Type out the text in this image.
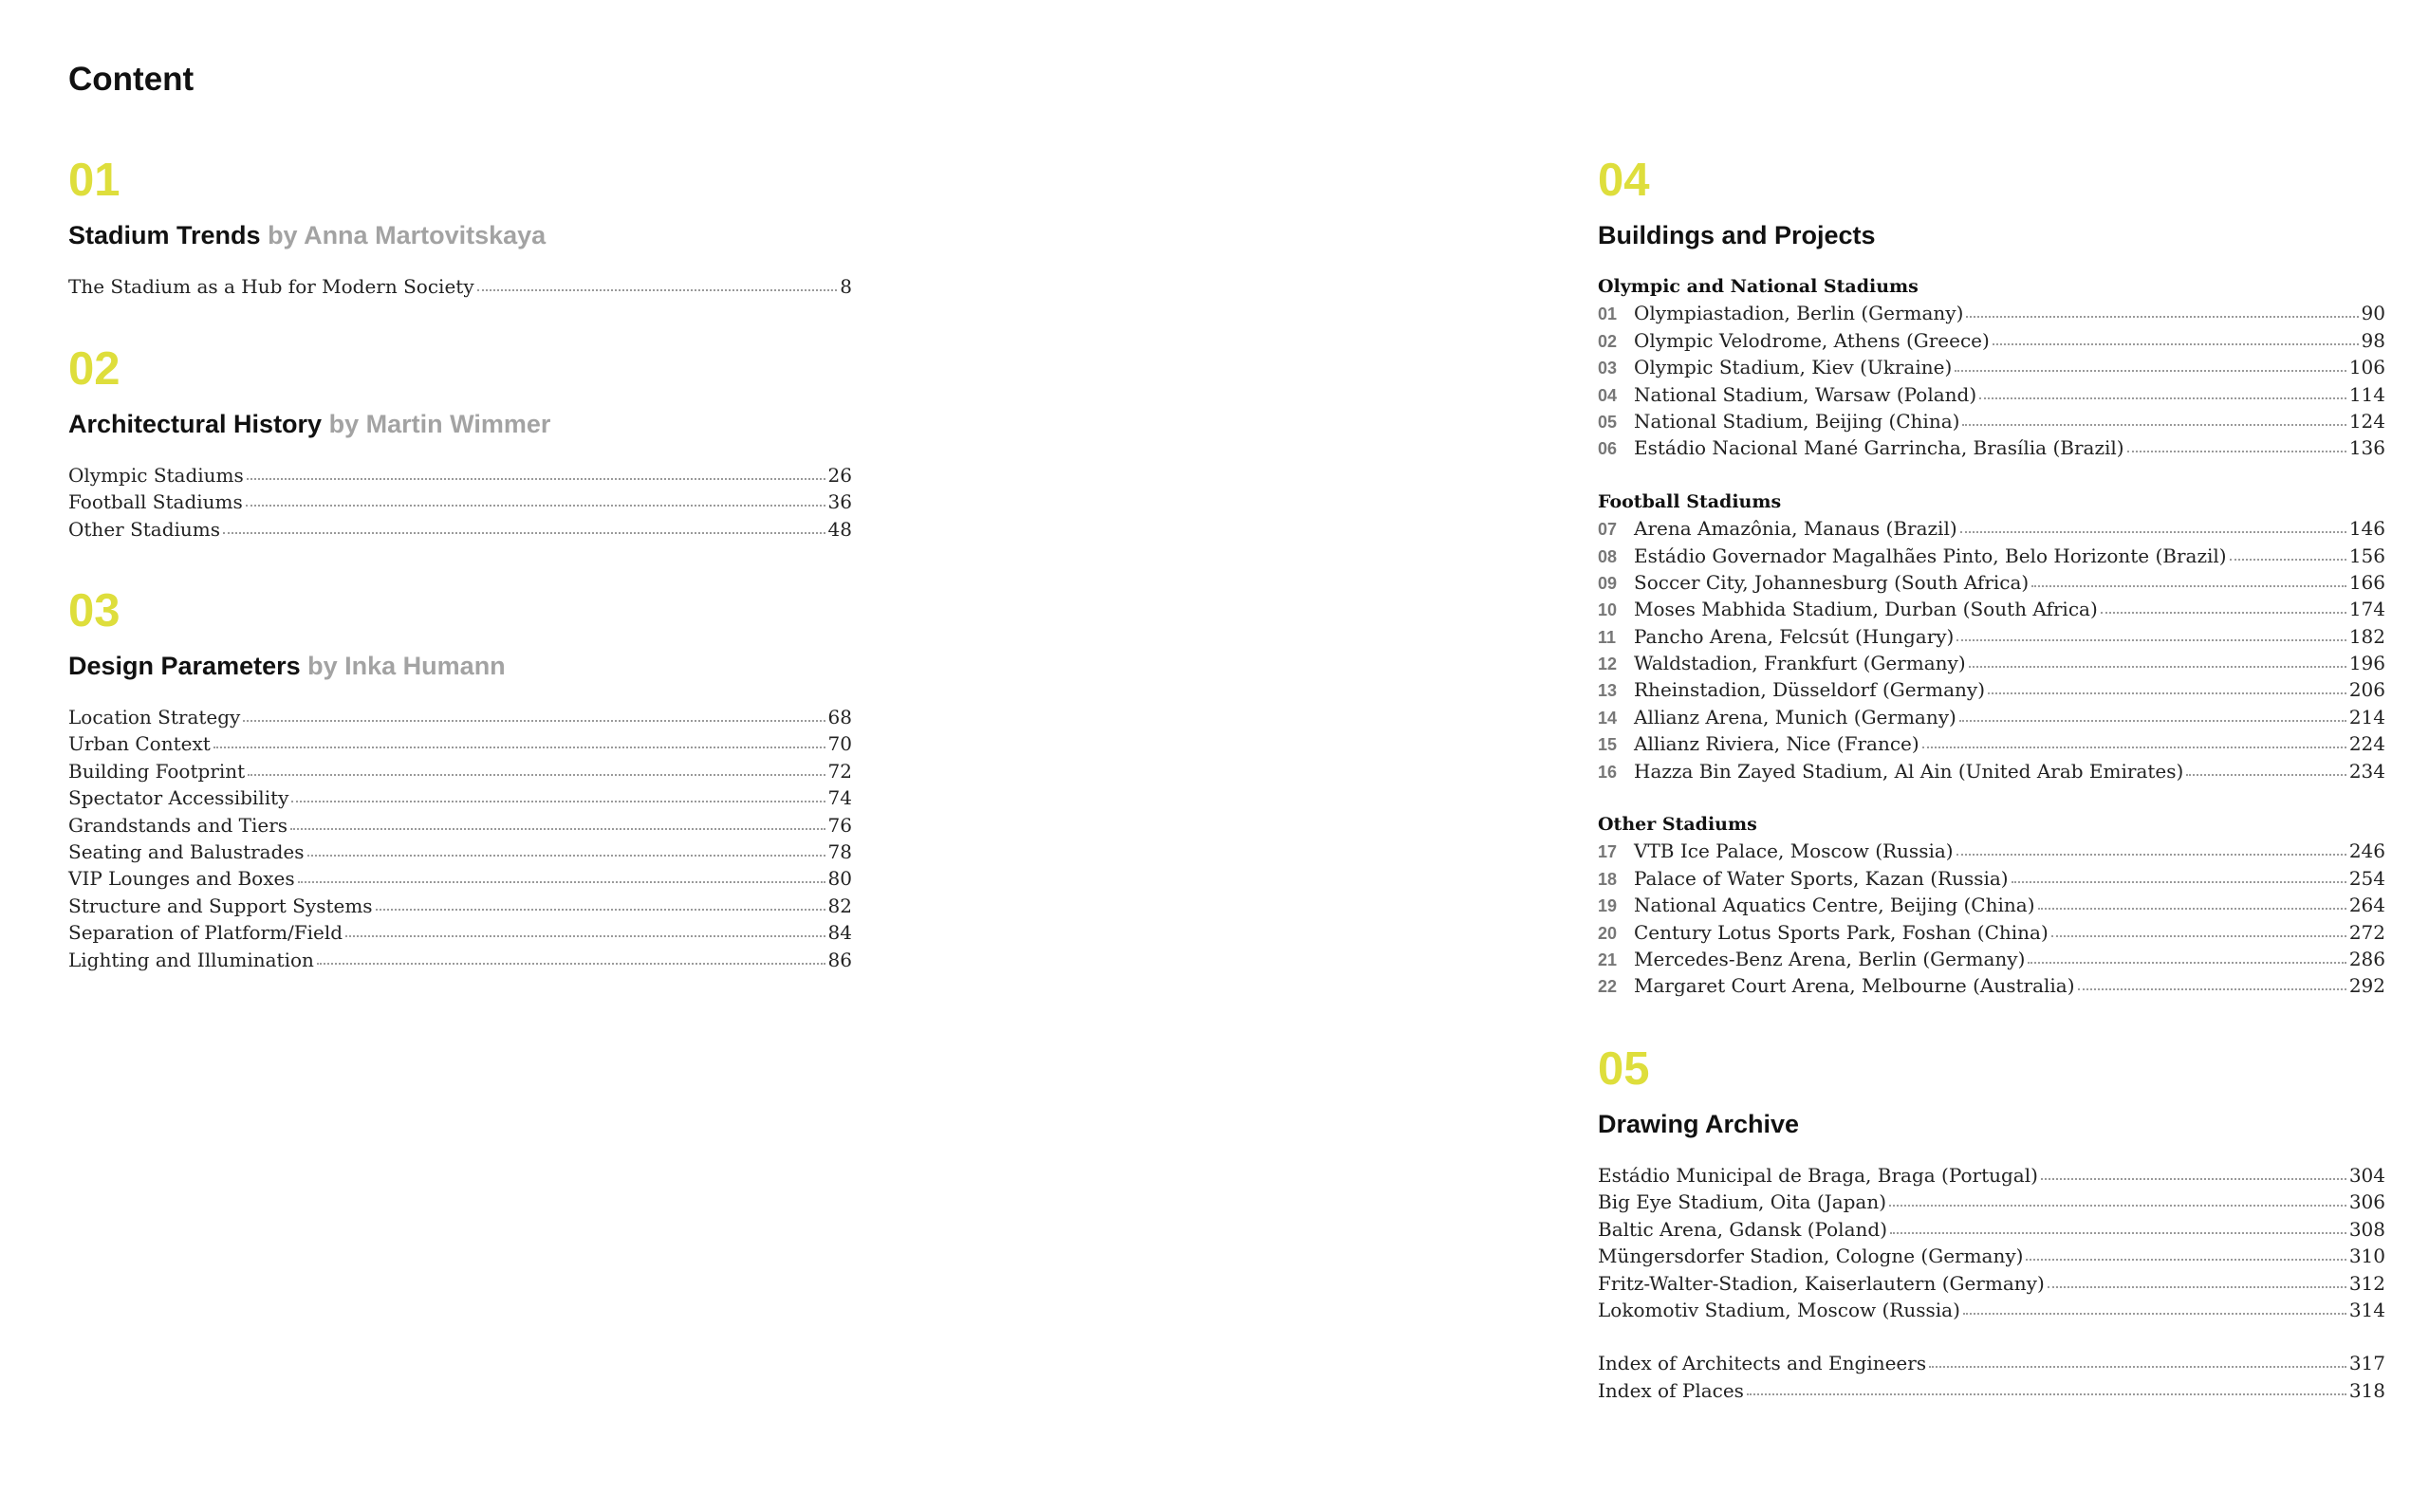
Content
01
Stadium Trends by Anna Martovitskaya
The Stadium as a Hub for Modern Society	8
02
Architectural History by Martin Wimmer
Olympic Stadiums	26
Football Stadiums	36
Other Stadiums	48
03
Design Parameters by Inka Humann
Location Strategy	68
Urban Context	70
Building Footprint	72
Spectator Accessibility	74
Grandstands and Tiers	76
Seating and Balustrades	78
VIP Lounges and Boxes	80
Structure and Support Systems	82
Separation of Platform/Field	84
Lighting and Illumination	86
04
Buildings and Projects
Olympic and National Stadiums
01 Olympiastadion, Berlin (Germany)	90
02 Olympic Velodrome, Athens (Greece)	98
03 Olympic Stadium, Kiev (Ukraine)	106
04 National Stadium, Warsaw (Poland)	114
05 National Stadium, Beijing (China)	124
06 Estádio Nacional Mané Garrincha, Brasília (Brazil)	136
Football Stadiums
07 Arena Amazônia, Manaus (Brazil)	146
08 Estádio Governador Magalhães Pinto, Belo Horizonte (Brazil)	156
09 Soccer City, Johannesburg (South Africa)	166
10 Moses Mabhida Stadium, Durban (South Africa)	174
11 Pancho Arena, Felcsút (Hungary)	182
12 Waldstadion, Frankfurt (Germany)	196
13 Rheinstadion, Düsseldorf (Germany)	206
14 Allianz Arena, Munich (Germany)	214
15 Allianz Riviera, Nice (France)	224
16 Hazza Bin Zayed Stadium, Al Ain (United Arab Emirates)	234
Other Stadiums
17 VTB Ice Palace, Moscow (Russia)	246
18 Palace of Water Sports, Kazan (Russia)	254
19 National Aquatics Centre, Beijing (China)	264
20 Century Lotus Sports Park, Foshan (China)	272
21 Mercedes-Benz Arena, Berlin (Germany)	286
22 Margaret Court Arena, Melbourne (Australia)	292
05
Drawing Archive
Estádio Municipal de Braga, Braga (Portugal)	304
Big Eye Stadium, Oita (Japan)	306
Baltic Arena, Gdansk (Poland)	308
Müngersdorfer Stadion, Cologne (Germany)	310
Fritz-Walter-Stadion, Kaiserlautern (Germany)	312
Lokomotiv Stadium, Moscow (Russia)	314
Index of Architects and Engineers	317
Index of Places	318
